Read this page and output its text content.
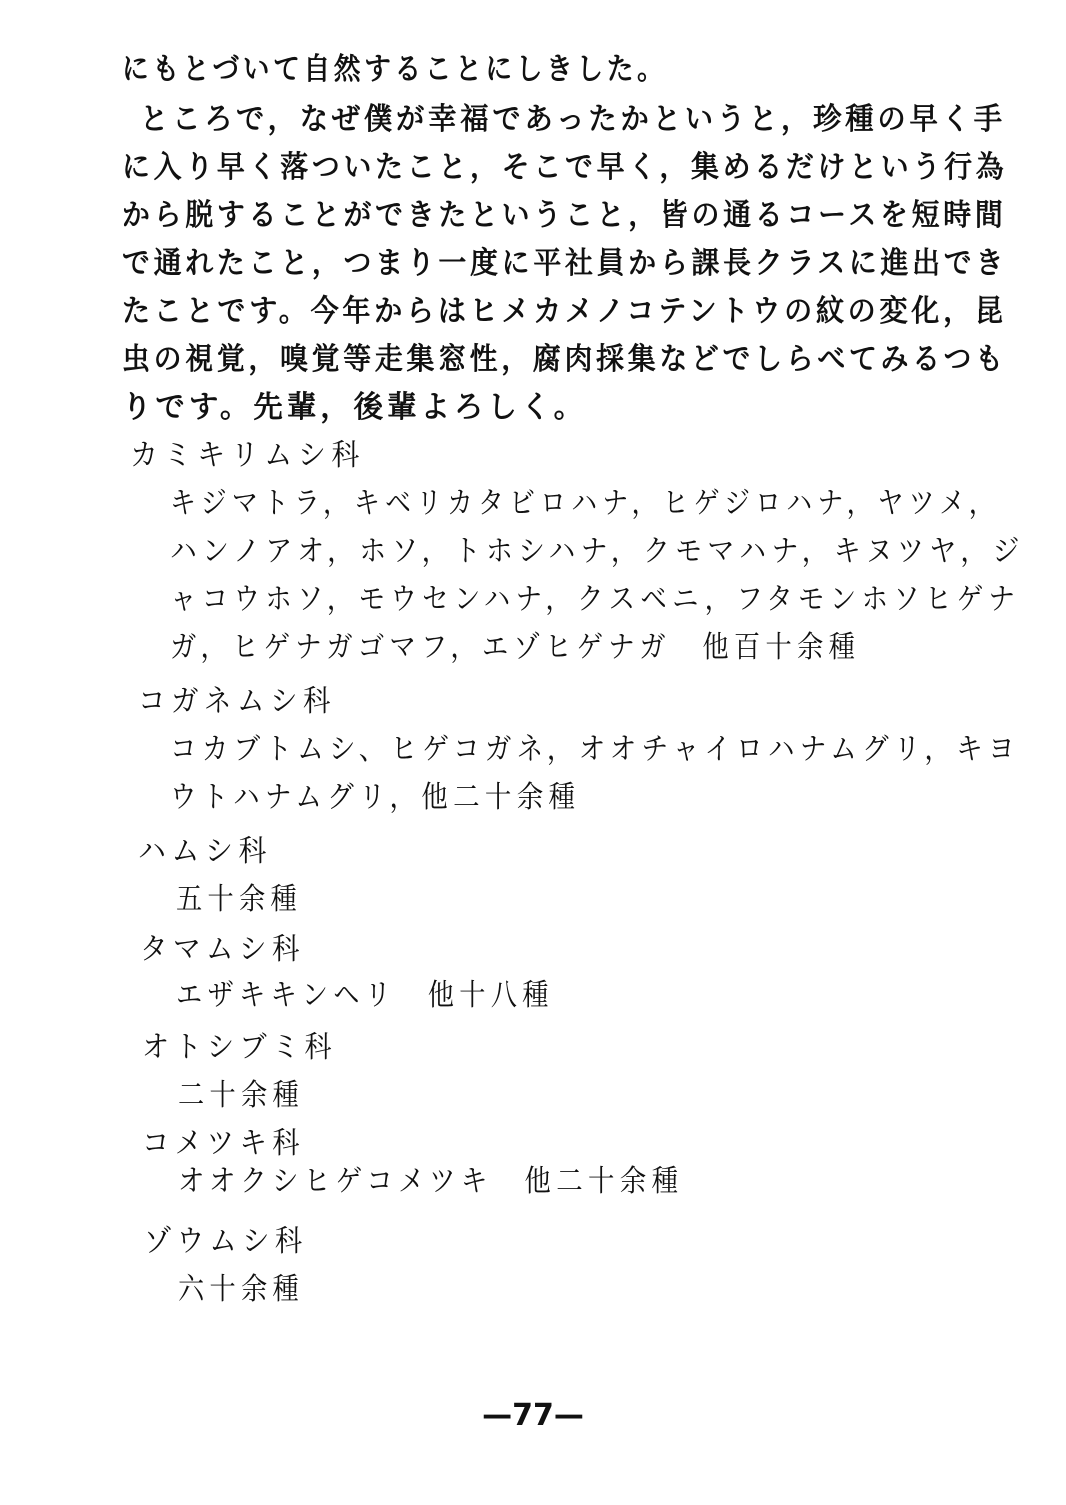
にもとづいて自然することにしきした。
ところで，なぜ僕が幸福であったかというと，珍種の早く手
に入り早く落ついたこと，そこで早く，集めるだけという行為
から脱することができたということ，皆の通るコースを短時間
で通れたこと，つまり一度に平社員から課長クラスに進出でき
たことです。今年からはヒメカメノコテントウの紋の変化，昆
虫の視覚，嗅覚等走集窓性，腐肉採集などでしらべてみるつも
りです。先輩，後輩よろしく。
カミキリムシ科
キジマトラ，キベリカタビロハナ，ヒゲジロハナ，ヤツメ，
ハンノアオ，ホソ，トホシハナ，クモマハナ，キヌツヤ，ジ
ャコウホソ，モウセンハナ，クスベニ，フタモンホソヒゲナ
ガ，ヒゲナガゴマフ，エゾヒゲナガ　他百十余種
コガネムシ科
コカブトムシ、ヒゲコガネ，オオチャイロハナムグリ，キヨ
ウトハナムグリ，他二十余種
ハムシ科
五十余種
タマムシ科
エザキキンヘリ　他十八種
オトシブミ科
二十余種
コメツキ科
オオクシヒゲコメツキ　他二十余種
ゾウムシ科
六十余種
—77—
